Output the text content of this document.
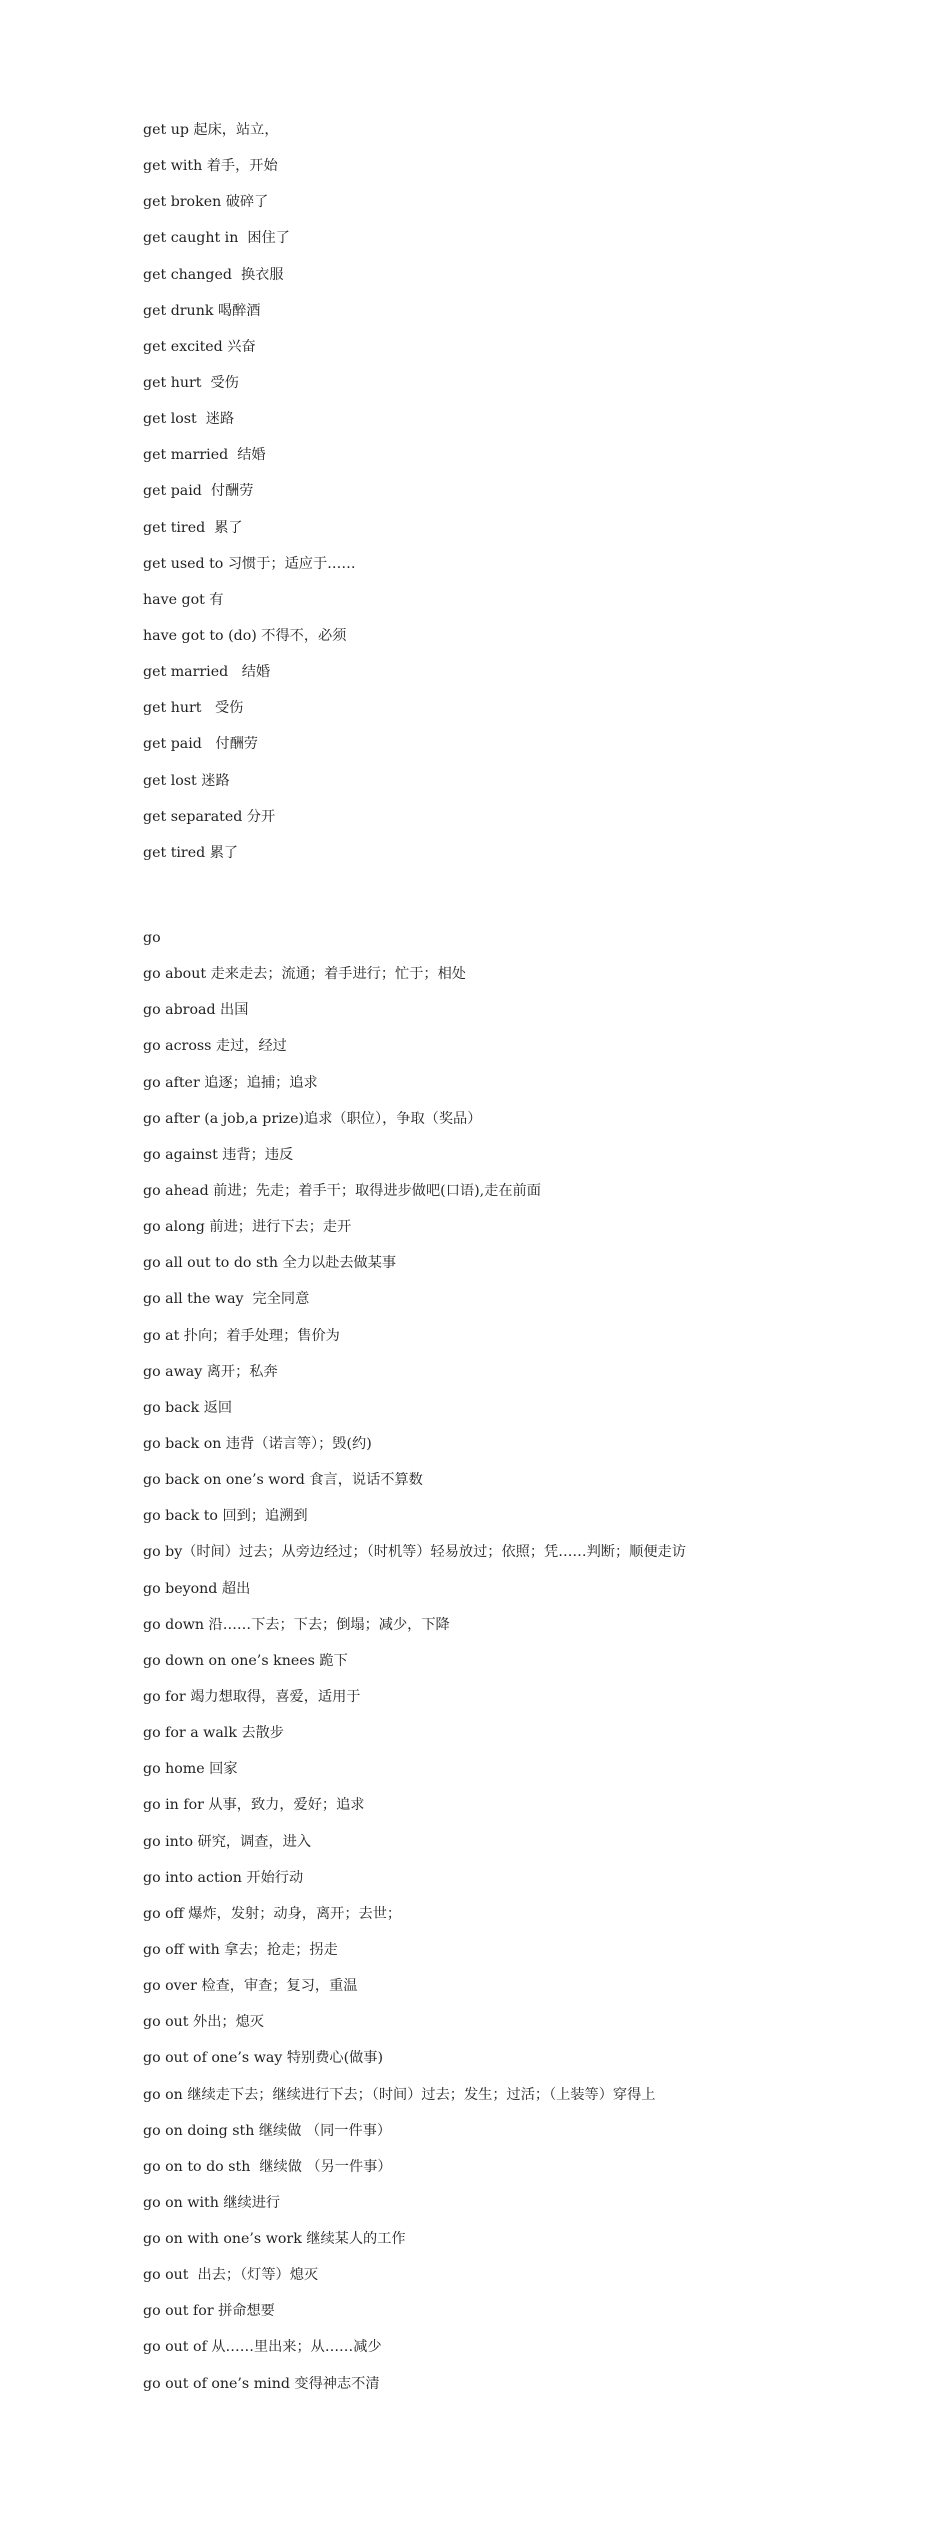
get up 起床，站立，
get with 着手，开始
get broken 破碎了
get caught in  困住了
get changed  换衣服
get drunk 喝醉酒
get excited 兴奋
get hurt  受伤
get lost  迷路
get married  结婚
get paid  付酬劳
get tired  累了
get used to 习惯于；适应于……
have got 有
have got to (do) 不得不，必须
get married   结婚
get hurt   受伤
get paid   付酬劳
get lost 迷路
get separated 分开
get tired 累了
go
go about 走来走去；流通；着手进行；忙于；相处
go abroad 出国
go across 走过，经过
go after 追逐；追捕；追求
go after (a job,a prize)追求（职位），争取（奖品）
go against 违背；违反
go ahead 前进；先走；着手干；取得进步做吧(口语),走在前面
go along 前进；进行下去；走开
go all out to do sth 全力以赴去做某事
go all the way  完全同意
go at 扑向；着手处理；售价为
go away 离开；私奔
go back 返回
go back on 违背（诺言等）；毁(约)
go back on one’s word 食言，说话不算数
go back to 回到；追溯到
go by（时间）过去；从旁边经过；（时机等）轻易放过；依照；凭……判断；顺便走访
go beyond 超出
go down 沿……下去；下去；倒塌；减少，下降
go down on one’s knees 跪下
go for 竭力想取得，喜爱，适用于
go for a walk 去散步
go home 回家
go in for 从事，致力，爱好；追求
go into 研究，调查，进入
go into action 开始行动
go off 爆炸，发射；动身，离开；去世；
go off with 拿去；抢走；拐走
go over 检查，审查；复习，重温
go out 外出；熄灭
go out of one’s way 特别费心(做事)
go on 继续走下去；继续进行下去；（时间）过去；发生；过活；（上装等）穿得上
go on doing sth 继续做 （同一件事）
go on to do sth  继续做 （另一件事）
go on with 继续进行
go on with one’s work 继续某人的工作
go out  出去；（灯等）熄灭
go out for 拼命想要
go out of 从……里出来；从……减少
go out of one’s mind 变得神志不清
